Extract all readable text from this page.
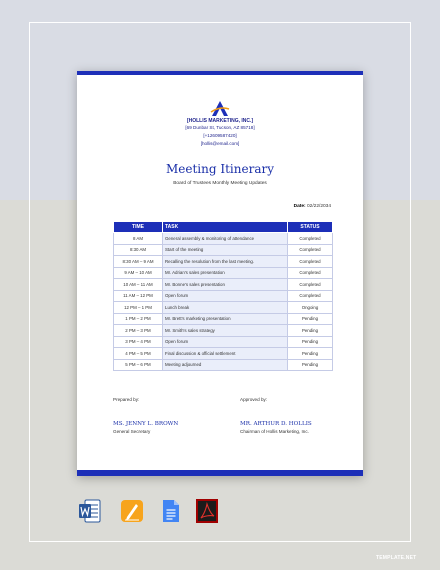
[HOLLIS MARKETING, INC.]
[69 Dunbar St, Tucson, AZ 85718]
[+12609587420]
[hollis@email.com]
Meeting Itinerary
Board of Trustees Monthly Meeting Updates
Date: 02/22/2034
TIME	TASK	STATUS
8 AM	General assembly & monitoring of attendance	Completed
8:30 AM	Start of the meeting	Completed
8:30 AM – 9 AM	Recalling the resolution from the last meeting.	Completed
9 AM – 10 AM	Mr. Adrian's sales presentation	Completed
10 AM – 11 AM	Mr. Bonne's sales presentation	Completed
11 AM – 12 PM	Open forum	Completed
12 PM – 1 PM	Lunch break	Ongoing
1 PM – 2 PM	Mr. Brett's marketing presentation	Pending
2 PM – 3 PM	Mr. Smith's sales strategy	Pending
3 PM – 4 PM	Open forum	Pending
4 PM – 5 PM	Final discussion & official settlement	Pending
5 PM – 6 PM	Meeting adjourned	Pending
Prepared by:
MS. JENNY L. BROWN
General Secretary
Approved by:
MR. ARTHUR D. HOLLIS
Chairman of Hollis Marketing, Inc.
TEMPLATE.NET
